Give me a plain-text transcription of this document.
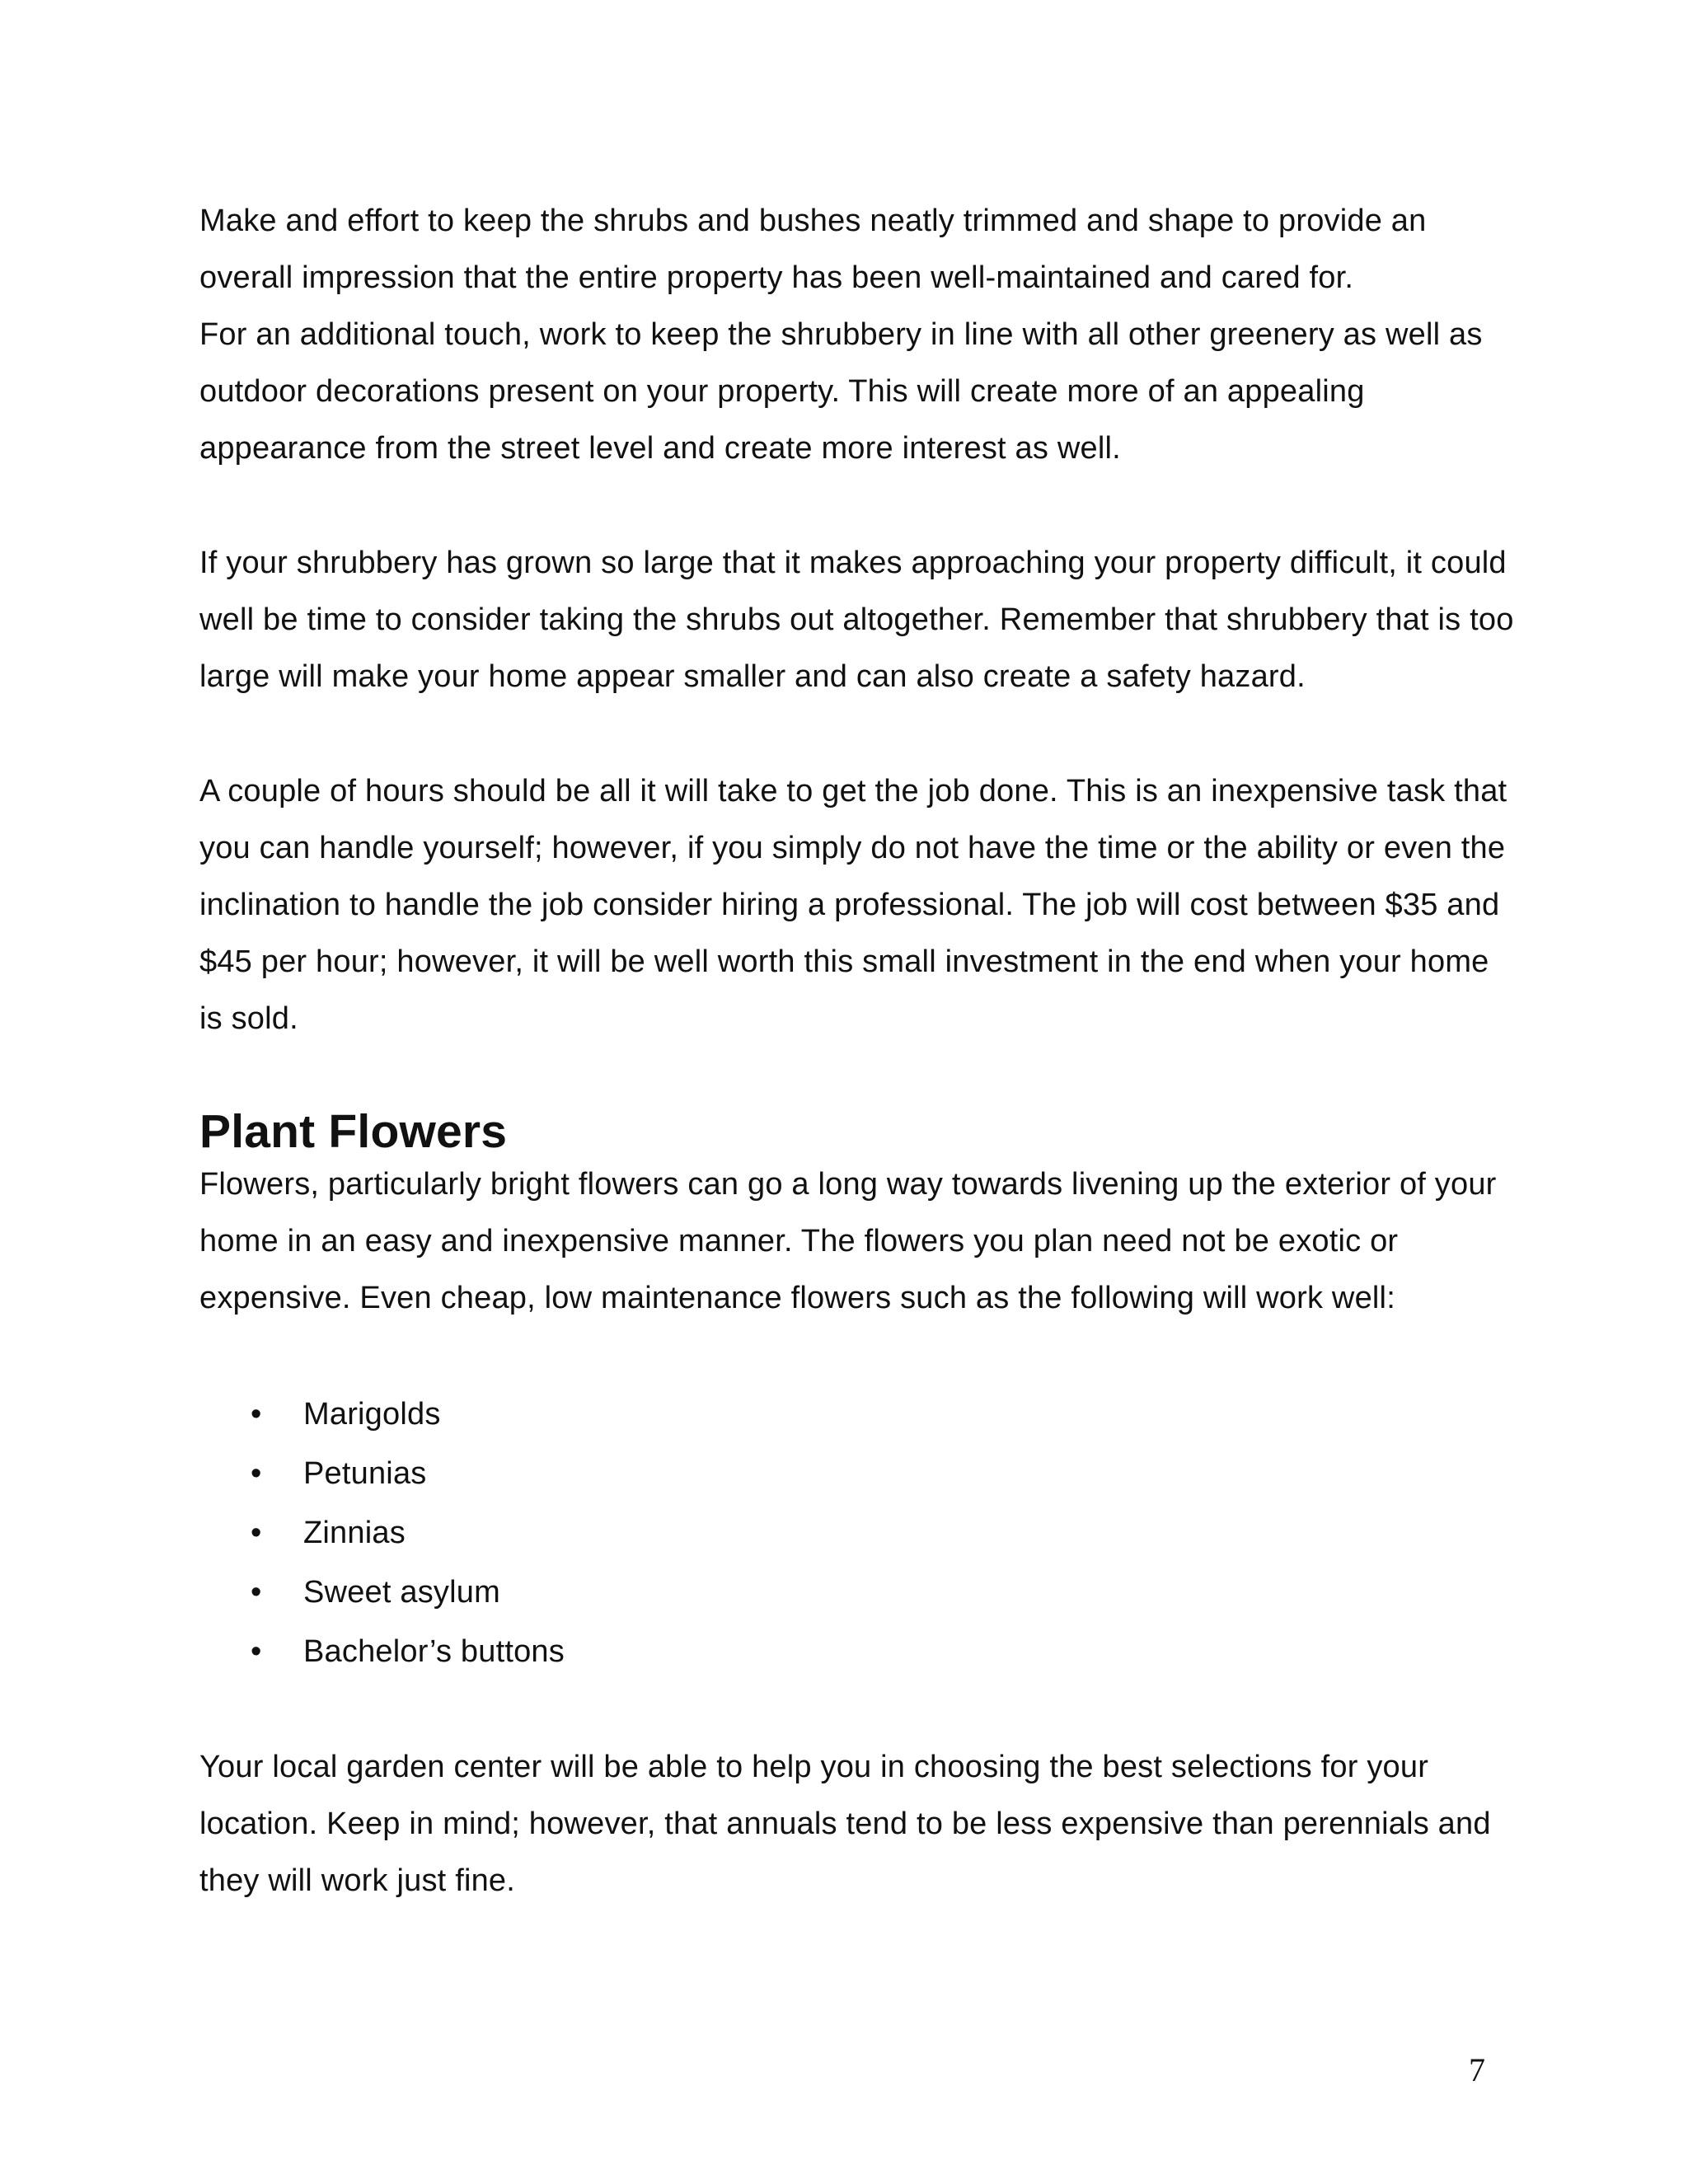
Make and effort to keep the shrubs and bushes neatly trimmed and shape to provide an overall impression that the entire property has been well-maintained and cared for.

For an additional touch, work to keep the shrubbery in line with all other greenery as well as outdoor decorations present on your property. This will create more of an appealing appearance from the street level and create more interest as well.

If your shrubbery has grown so large that it makes approaching your property difficult, it could well be time to consider taking the shrubs out altogether. Remember that shrubbery that is too large will make your home appear smaller and can also create a safety hazard.

A couple of hours should be all it will take to get the job done. This is an inexpensive task that you can handle yourself; however, if you simply do not have the time or the ability or even the inclination to handle the job consider hiring a professional. The job will cost between $35 and $45 per hour; however, it will be well worth this small investment in the end when your home is sold.

Plant Flowers

Flowers, particularly bright flowers can go a long way towards livening up the exterior of your home in an easy and inexpensive manner. The flowers you plan need not be exotic or expensive. Even cheap, low maintenance flowers such as the following will work well:

• Marigolds
• Petunias
• Zinnias
• Sweet asylum
• Bachelor’s buttons

Your local garden center will be able to help you in choosing the best selections for your location. Keep in mind; however, that annuals tend to be less expensive than perennials and they will work just fine.

7
